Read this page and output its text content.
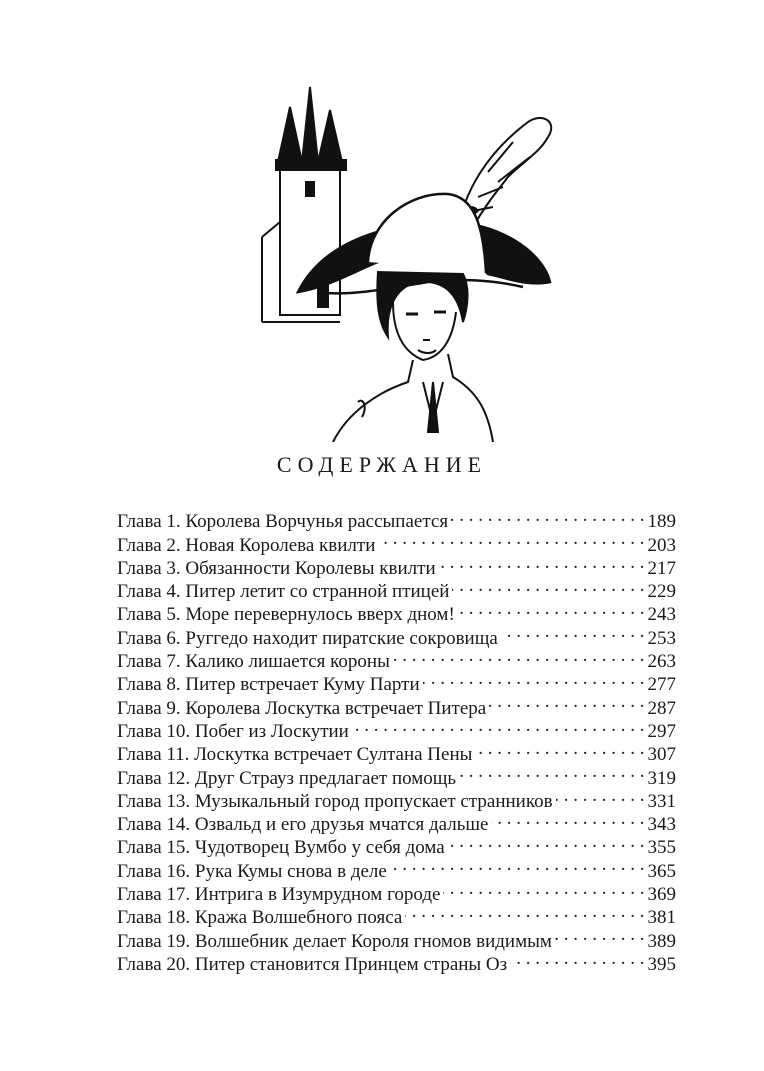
СОДЕРЖАНИЕ
Глава 1. Королева Ворчунья рассыпается . . .	189
Глава 2. Новая Королева квилти . . .	203
Глава 3. Обязанности Королевы квилти . . .	217
Глава 4. Питер летит со странной птицей . . .	229
Глава 5. Море перевернулось вверх дном! . . .	243
Глава 6. Руггедо находит пиратские сокровища . . .	253
Глава 7. Калико лишается короны . . .	263
Глава 8. Питер встречает Куму Парти . . .	277
Глава 9. Королева Лоскутка встречает Питера . . .	287
Глава 10. Побег из Лоскутии . . .	297
Глава 11. Лоскутка встречает Султана Пены . . .	307
Глава 12. Друг Страуз предлагает помощь . . .	319
Глава 13. Музыкальный город пропускает странников . . .	331
Глава 14. Озвальд и его друзья мчатся дальше . . .	343
Глава 15. Чудотворец Вумбо у себя дома . . .	355
Глава 16. Рука Кумы снова в деле . . .	365
Глава 17. Интрига в Изумрудном городе . . .	369
Глава 18. Кража Волшебного пояса . . .	381
Глава 19. Волшебник делает Короля гномов видимым . . .	389
Глава 20. Питер становится Принцем страны Оз . . .	395
